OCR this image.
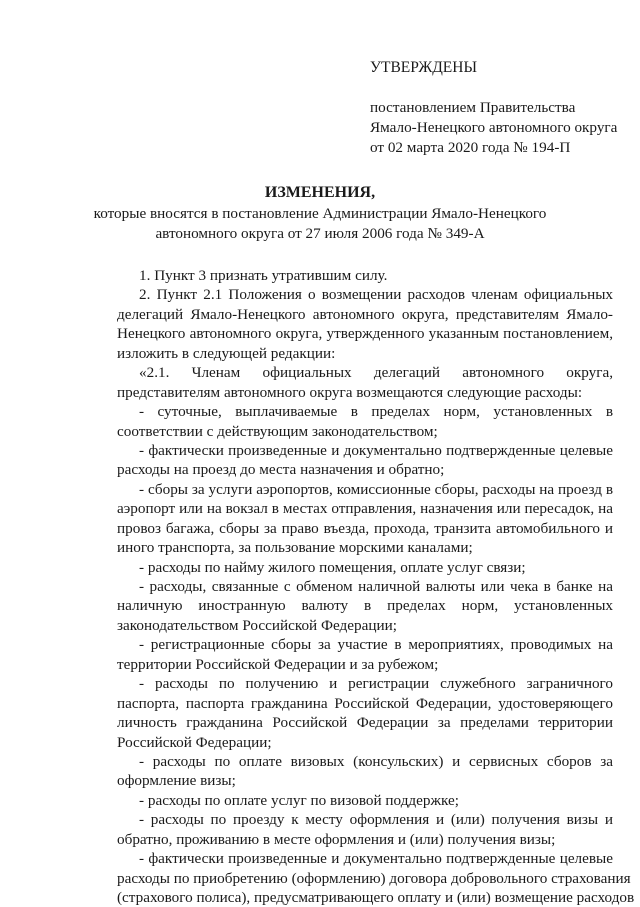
УТВЕРЖДЕНЫ
постановлением Правительства
Ямало-Ненецкого автономного округа
от 02 марта 2020 года № 194-П
ИЗМЕНЕНИЯ,
которые вносятся в постановление Администрации Ямало-Ненецкого
автономного округа от 27 июля 2006 года № 349-А
1. Пункт 3 признать утратившим силу.
2. Пункт 2.1 Положения о возмещении расходов членам официальных
делегаций Ямало-Ненецкого автономного округа, представителям Ямало-
Ненецкого автономного округа, утвержденного указанным постановлением,
изложить в следующей редакции:
«2.1. Членам официальных делегаций автономного округа,
представителям автономного округа возмещаются следующие расходы:
- суточные, выплачиваемые в пределах норм, установленных в
соответствии с действующим законодательством;
- фактически произведенные и документально подтвержденные целевые
расходы на проезд до места назначения и обратно;
- сборы за услуги аэропортов, комиссионные сборы, расходы на проезд в
аэропорт или на вокзал в местах отправления, назначения или пересадок, на
провоз багажа, сборы за право въезда, прохода, транзита автомобильного и
иного транспорта, за пользование морскими каналами;
- расходы по найму жилого помещения, оплате услуг связи;
- расходы, связанные с обменом наличной валюты или чека в банке на
наличную иностранную валюту в пределах норм, установленных
законодательством Российской Федерации;
- регистрационные сборы за участие в мероприятиях, проводимых на
территории Российской Федерации и за рубежом;
- расходы по получению и регистрации служебного заграничного
паспорта, паспорта гражданина Российской Федерации, удостоверяющего
личность гражданина Российской Федерации за пределами территории
Российской Федерации;
- расходы по оплате визовых (консульских) и сервисных сборов за
оформление визы;
- расходы по оплате услуг по визовой поддержке;
- расходы по проезду к месту оформления и (или) получения визы и
обратно, проживанию в месте оформления и (или) получения визы;
- фактически произведенные и документально подтвержденные целевые
расходы по приобретению (оформлению) договора добровольного страхования
(страхового полиса), предусматривающего оплату и (или) возмещение расходов
